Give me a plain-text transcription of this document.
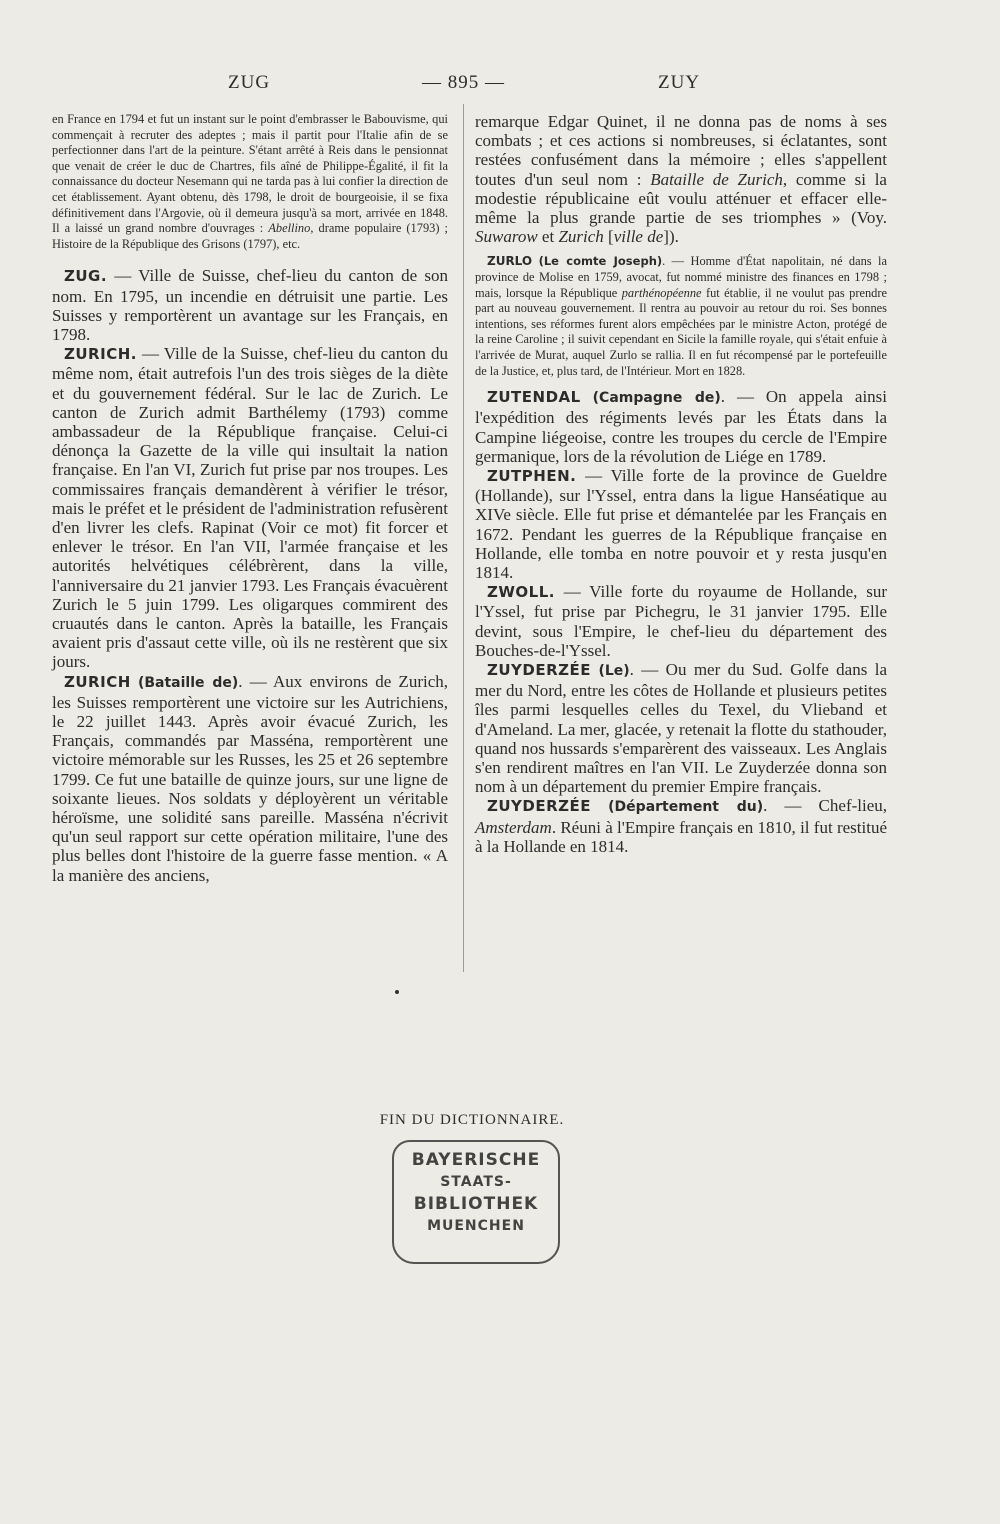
ZUG	— 895 —	ZUY

en France en 1794 et fut un instant sur le point d'embrasser le Babouvisme, qui commençait à recruter des adeptes ; mais il partit pour l'Italie afin de se perfectionner dans l'art de la peinture. S'étant arrêté à Reis dans le pensionnat que venait de créer le duc de Chartres, fils aîné de Philippe-Égalité, il fit la connaissance du docteur Nesemann qui ne tarda pas à lui confier la direction de cet établissement. Ayant obtenu, dès 1798, le droit de bourgeoisie, il se fixa définitivement dans l'Argovie, où il demeura jusqu'à sa mort, arrivée en 1848. Il a laissé un grand nombre d'ouvrages : Abellino, drame populaire (1793) ; Histoire de la République des Grisons (1797), etc.

ZUG. — Ville de Suisse, chef-lieu du canton de son nom. En 1795, un incendie en détruisit une partie. Les Suisses y remportèrent un avantage sur les Français, en 1798.

ZURICH. — Ville de la Suisse, chef-lieu du canton du même nom, était autrefois l'un des trois sièges de la diète et du gouvernement fédéral. Sur le lac de Zurich. Le canton de Zurich admit Barthélemy (1793) comme ambassadeur de la République française. Celui-ci dénonça la Gazette de la ville qui insultait la nation française. En l'an VI, Zurich fut prise par nos troupes. Les commissaires français demandèrent à vérifier le trésor, mais le préfet et le président de l'administration refusèrent d'en livrer les clefs. Rapinat (Voir ce mot) fit forcer et enlever le trésor. En l'an VII, l'armée française et les autorités helvétiques célébrèrent, dans la ville, l'anniversaire du 21 janvier 1793. Les Français évacuèrent Zurich le 5 juin 1799. Les oligarques commirent des cruautés dans le canton. Après la bataille, les Français avaient pris d'assaut cette ville, où ils ne restèrent que six jours.

ZURICH (Bataille de). — Aux environs de Zurich, les Suisses remportèrent une victoire sur les Autrichiens, le 22 juillet 1443. Après avoir évacué Zurich, les Français, commandés par Masséna, remportèrent une victoire mémorable sur les Russes, les 25 et 26 septembre 1799. Ce fut une bataille de quinze jours, sur une ligne de soixante lieues. Nos soldats y déployèrent un véritable héroïsme, une solidité sans pareille. Masséna n'écrivit qu'un seul rapport sur cette opération militaire, l'une des plus belles dont l'histoire de la guerre fasse mention. « A la manière des anciens,

remarque Edgar Quinet, il ne donna pas de noms à ses combats ; et ces actions si nombreuses, si éclatantes, sont restées confusément dans la mémoire ; elles s'appellent toutes d'un seul nom : Bataille de Zurich, comme si la modestie républicaine eût voulu atténuer et effacer elle-même la plus grande partie de ses triomphes » (Voy. Suwarow et Zurich [ville de]).

ZURLO (Le comte Joseph). — Homme d'État napolitain, né dans la province de Molise en 1759, avocat, fut nommé ministre des finances en 1798 ; mais, lorsque la République parthénopéenne fut établie, il ne voulut pas prendre part au nouveau gouvernement. Il rentra au pouvoir au retour du roi. Ses bonnes intentions, ses réformes furent alors empêchées par le ministre Acton, protégé de la reine Caroline ; il suivit cependant en Sicile la famille royale, qui s'était enfuie à l'arrivée de Murat, auquel Zurlo se rallia. Il en fut récompensé par le portefeuille de la Justice, et, plus tard, de l'Intérieur. Mort en 1828.

ZUTENDAL (Campagne de). — On appela ainsi l'expédition des régiments levés par les États dans la Campine liégeoise, contre les troupes du cercle de l'Empire germanique, lors de la révolution de Liége en 1789.

ZUTPHEN. — Ville forte de la province de Gueldre (Hollande), sur l'Yssel, entra dans la ligue Hanséatique au XIVe siècle. Elle fut prise et démantelée par les Français en 1672. Pendant les guerres de la République française en Hollande, elle tomba en notre pouvoir et y resta jusqu'en 1814.

ZWOLL. — Ville forte du royaume de Hollande, sur l'Yssel, fut prise par Pichegru, le 31 janvier 1795. Elle devint, sous l'Empire, le chef-lieu du département des Bouches-de-l'Yssel.

ZUYDERZÉE (Le). — Ou mer du Sud. Golfe dans la mer du Nord, entre les côtes de Hollande et plusieurs petites îles parmi lesquelles celles du Texel, du Vlieband et d'Ameland. La mer, glacée, y retenait la flotte du stathouder, quand nos hussards s'emparèrent des vaisseaux. Les Anglais s'en rendirent maîtres en l'an VII. Le Zuyderzée donna son nom à un département du premier Empire français.

ZUYDERZÉE (Département du). — Chef-lieu, Amsterdam. Réuni à l'Empire français en 1810, il fut restitué à la Hollande en 1814.

FIN DU DICTIONNAIRE.
BAYERISCHE
STAATS-
BIBLIOTHEK
MUENCHEN
